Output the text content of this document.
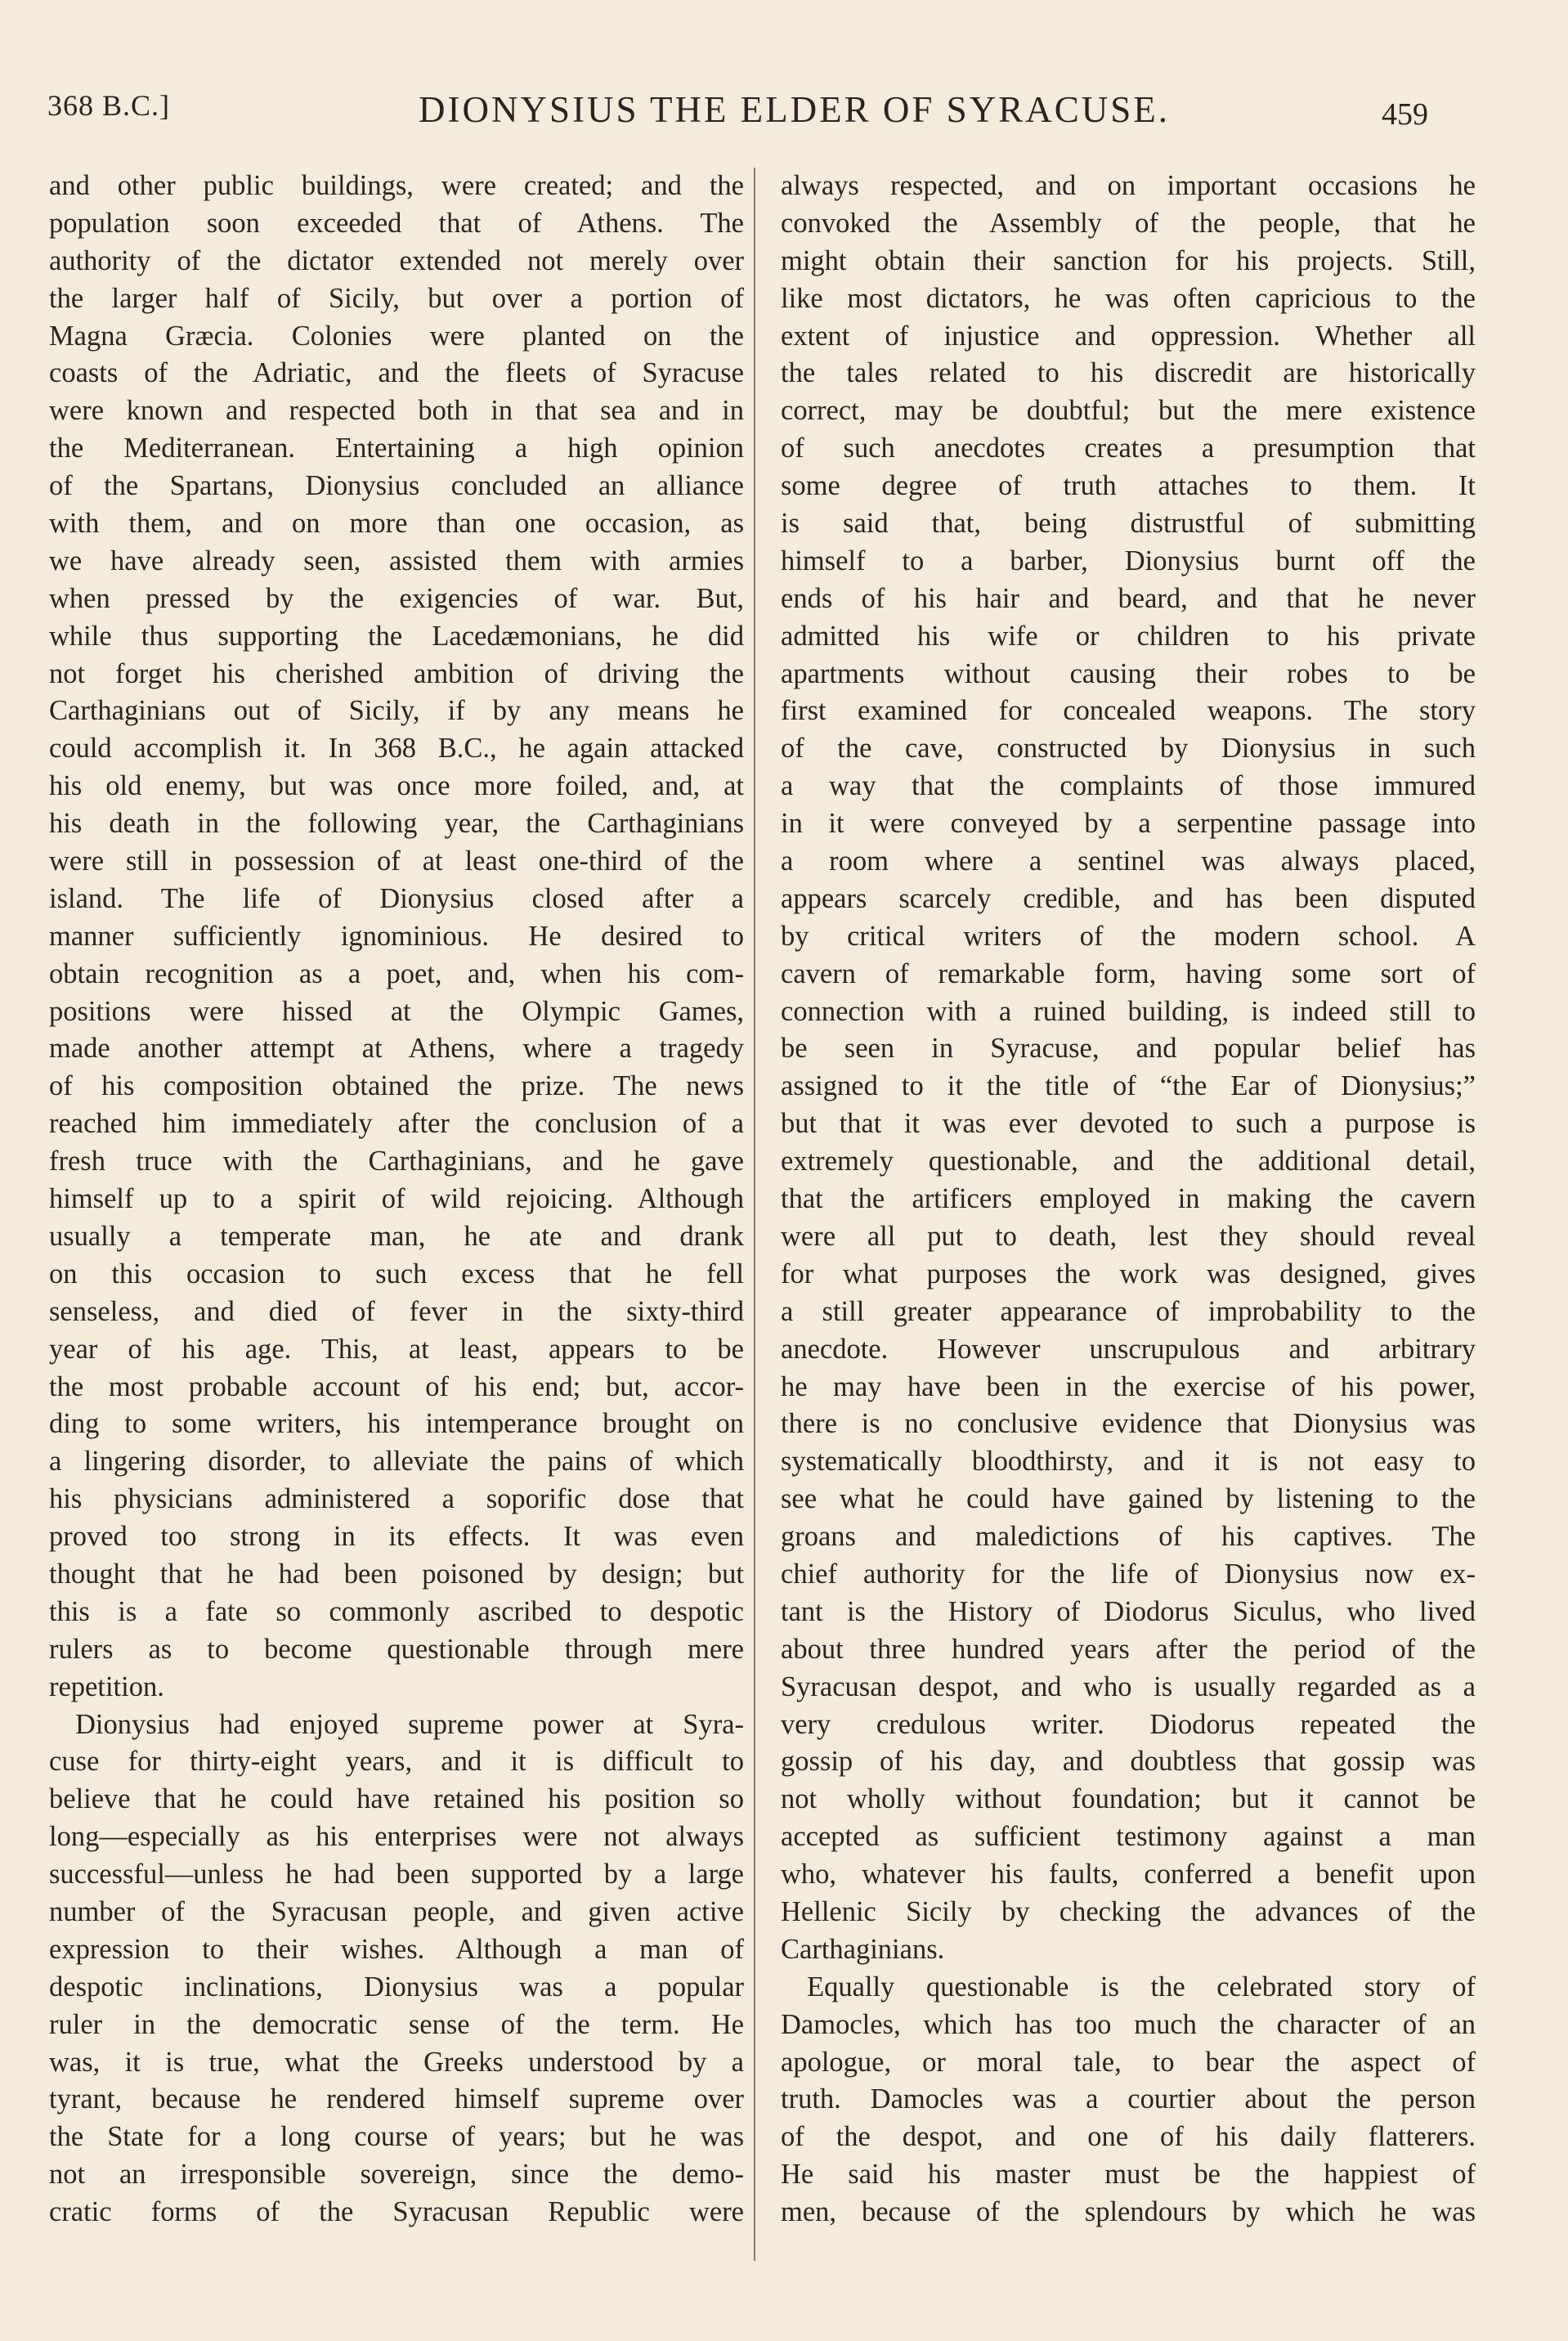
368 B.C.]	DIONYSIUS THE ELDER OF SYRACUSE.	459
and other public buildings, were created; and the
population soon exceeded that of Athens. The
authority of the dictator extended not merely over
the larger half of Sicily, but over a portion of
Magna Græcia. Colonies were planted on the
coasts of the Adriatic, and the fleets of Syracuse
were known and respected both in that sea and in
the Mediterranean. Entertaining a high opinion
of the Spartans, Dionysius concluded an alliance
with them, and on more than one occasion, as
we have already seen, assisted them with armies
when pressed by the exigencies of war. But,
while thus supporting the Lacedæmonians, he did
not forget his cherished ambition of driving the
Carthaginians out of Sicily, if by any means he
could accomplish it. In 368 B.C., he again attacked
his old enemy, but was once more foiled, and, at
his death in the following year, the Carthaginians
were still in possession of at least one-third of the
island. The life of Dionysius closed after a
manner sufficiently ignominious. He desired to
obtain recognition as a poet, and, when his com-
positions were hissed at the Olympic Games,
made another attempt at Athens, where a tragedy
of his composition obtained the prize. The news
reached him immediately after the conclusion of a
fresh truce with the Carthaginians, and he gave
himself up to a spirit of wild rejoicing. Although
usually a temperate man, he ate and drank
on this occasion to such excess that he fell
senseless, and died of fever in the sixty-third
year of his age. This, at least, appears to be
the most probable account of his end; but, accor-
ding to some writers, his intemperance brought on
a lingering disorder, to alleviate the pains of which
his physicians administered a soporific dose that
proved too strong in its effects. It was even
thought that he had been poisoned by design; but
this is a fate so commonly ascribed to despotic
rulers as to become questionable through mere
repetition.
Dionysius had enjoyed supreme power at Syra-
cuse for thirty-eight years, and it is difficult to
believe that he could have retained his position so
long—especially as his enterprises were not always
successful—unless he had been supported by a large
number of the Syracusan people, and given active
expression to their wishes. Although a man of
despotic inclinations, Dionysius was a popular
ruler in the democratic sense of the term. He
was, it is true, what the Greeks understood by a
tyrant, because he rendered himself supreme over
the State for a long course of years; but he was
not an irresponsible sovereign, since the demo-
cratic forms of the Syracusan Republic were
always respected, and on important occasions he
convoked the Assembly of the people, that he
might obtain their sanction for his projects. Still,
like most dictators, he was often capricious to the
extent of injustice and oppression. Whether all
the tales related to his discredit are historically
correct, may be doubtful; but the mere existence
of such anecdotes creates a presumption that
some degree of truth attaches to them. It
is said that, being distrustful of submitting
himself to a barber, Dionysius burnt off the
ends of his hair and beard, and that he never
admitted his wife or children to his private
apartments without causing their robes to be
first examined for concealed weapons. The story
of the cave, constructed by Dionysius in such
a way that the complaints of those immured
in it were conveyed by a serpentine passage into
a room where a sentinel was always placed,
appears scarcely credible, and has been disputed
by critical writers of the modern school. A
cavern of remarkable form, having some sort of
connection with a ruined building, is indeed still to
be seen in Syracuse, and popular belief has
assigned to it the title of “the Ear of Dionysius;”
but that it was ever devoted to such a purpose is
extremely questionable, and the additional detail,
that the artificers employed in making the cavern
were all put to death, lest they should reveal
for what purposes the work was designed, gives
a still greater appearance of improbability to the
anecdote. However unscrupulous and arbitrary
he may have been in the exercise of his power,
there is no conclusive evidence that Dionysius was
systematically bloodthirsty, and it is not easy to
see what he could have gained by listening to the
groans and maledictions of his captives. The
chief authority for the life of Dionysius now ex-
tant is the History of Diodorus Siculus, who lived
about three hundred years after the period of the
Syracusan despot, and who is usually regarded as a
very credulous writer. Diodorus repeated the
gossip of his day, and doubtless that gossip was
not wholly without foundation; but it cannot be
accepted as sufficient testimony against a man
who, whatever his faults, conferred a benefit upon
Hellenic Sicily by checking the advances of the
Carthaginians.
Equally questionable is the celebrated story of
Damocles, which has too much the character of an
apologue, or moral tale, to bear the aspect of
truth. Damocles was a courtier about the person
of the despot, and one of his daily flatterers.
He said his master must be the happiest of
men, because of the splendours by which he was
